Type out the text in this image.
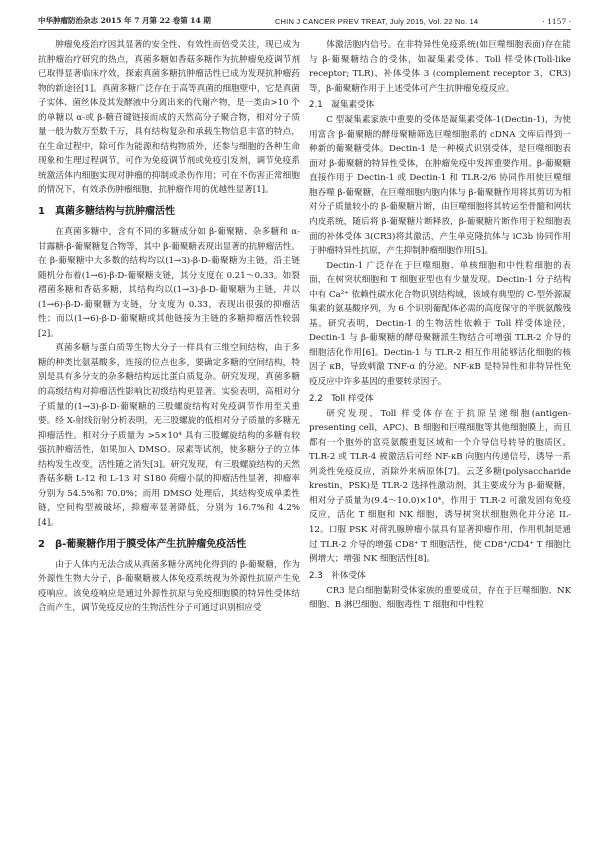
中华肿瘤防治杂志 2015 年 7 月第 22 卷第 14 期	CHIN J CANCER PREV TREAT, July 2015, Vol. 22 No. 14	· 1157 ·

肿瘤免疫治疗因其显著的安全性、有效性而倍受关注，现已成为抗肿瘤治疗研究的热点，真菌多糖如香菇多糖作为抗肿瘤免疫调节剂已取得显著临床疗效，探索真菌多糖抗肿瘤活性已成为发现抗肿瘤药物的新途径[1]。真菌多糖广泛存在于高等真菌的细胞壁中，它是真菌子实体、菌丝体及其发酵液中分离出来的代谢产物，是一类由>10 个的单糖以 α-或 β-糖苷键链接而成的天然高分子聚合物，相对分子质量一般为数万至数千万，具有结构复杂和承载生物信息丰富的特点，在生命过程中，除可作为能源和结构物质外，还参与细胞的各种生命现象和生理过程调节，可作为免疫调节剂或免疫引发剂，调节免疫系统激活体内细胞实现对肿瘤的抑制或杀伤作用；可在不伤害正常细胞的情况下，有效杀伤肿瘤细胞，抗肿瘤作用的优越性显著[1]。

1　真菌多糖结构与抗肿瘤活性

在真菌多糖中，含有不同的多糖成分如 β-葡聚糖、杂多糖和 α-甘露糖-β-葡聚糖复合物等，其中 β-葡聚糖表现出显著的抗肿瘤活性。在 β-葡聚糖中大多数的结构均以(1→3)-β-D-葡聚糖为主链，沿主链随机分布着(1→6)-β-D-葡聚糖支链，其分支度在 0.21～0.33。如裂褶菌多糖和香菇多糖，其结构均以(1→3)-β-D-葡聚糖为主链，并以(1→6)-β-D-葡聚糖为支链，分支度为 0.33，表现出很强的抑瘤活性；而以(1→6)-β-D-葡聚糖或其他链接为主链的多糖抑瘤活性较弱[2]。

真菌多糖与蛋白质等生物大分子一样具有三维空间结构，由于多糖的种类比氨基酸多，连接的位点也多，要确定多糖的空间结构，特别是具有多分支的杂多糖结构远比蛋白质复杂。研究发现，真菌多糖的高级结构对抑瘤活性影响比初级结构更显著。实验表明，高相对分子质量的(1→3)-β-D-葡聚糖的三股螺旋结构对免疫调节作用至关重要。经 X-射线衍射分析表明，无三股螺旋的低相对分子质量的多糖无抑瘤活性。相对分子质量为 >5×10⁴ 具有三股螺旋结构的多糖有较强抗肿瘤活性，如果加入 DMSO、尿素等试剂，使多糖分子的立体结构发生改变，活性随之消失[3]。研究发现，有三股螺旋结构的天然香菇多糖 L-12 和 L-13 对 S180 荷瘤小鼠的抑瘤活性显著，抑瘤率分别为 54.5%和 70.0%；而用 DMSO 处理后，其结构变成单柔性链，空间构型被破坏，抑瘤率显著降低，分别为 16.7%和 4.2%[4]。

2　β-葡聚糖作用于膜受体产生抗肿瘤免疫活性

由于人体内无法合成从真菌多糖分离纯化得到的 β-葡聚糖，作为外源性生物大分子，β-葡聚糖被人体免疫系统视为外源性抗原产生免疫响应。该免疫响应是通过外源性抗原与免疫细胞膜的特异性受体结合而产生，调节免疫反应的生物活性分子可通过识别相应受

体激活胞内信号。在非特异性免疫系统(如巨噬细胞表面)存在能与 β-葡聚糖结合的受体，如凝集素受体、Toll 样受体(Toll-like receptor; TLR)、补体受体 3 (complement receptor 3，CR3)等，β-葡聚糖作用于上述受体可产生抗肿瘤免疫反应。

2.1　凝集素受体

C 型凝集素家族中重要的受体是凝集素受体-1(Dectin-1)，为使用富含 β-葡聚糖的酵母聚糖筛选巨噬细胞系的 cDNA 文库后得到一种新的葡聚糖受体。Dectin-1 是一种模式识别受体，是巨噬细胞表面对 β-葡聚糖的特异性受体，在肿瘤免疫中发挥重要作用。β-葡聚糖直接作用于 Dectin-1 或 Dectin-1 和 TLR-2/6 协同作用使巨噬细胞吞噬 β-葡聚糖，在巨噬细胞内胞内体与 β-葡聚糖作用将其剪切为相对分子质量较小的 β-葡聚糖片断，由巨噬细胞将其转运至骨髓和网状内皮系统，随后将 β-葡聚糖片断释放，β-葡聚糖片断作用于粒细胞表面的补体受体 3(CR3)将其激活，产生单克隆抗体与 iC3b 协同作用于肿瘤特异性抗原，产生抑制肿瘤细胞作用[5]。

Dectin-1 广泛存在于巨噬细胞、单核细胞和中性粒细胞的表面，在树突状细胞和 T 细胞亚型也有少量发现。Dectin-1 分子结构中有 Ca²⁺ 依赖性碳水化合物识别结构域，该域有典型的 C-型外源凝集素的氨基酸序列，为 6 个识别葡配体必需的高度保守的半胱氨酸残基。研究表明，Dectin-1 的生物活性依赖于 Toll 样受体途径，Dectin-1 与 β-葡聚糖的酵母聚糖派生物结合可增强 TLR-2 介导的细胞活化作用[6]。Dectin-1 与 TLR-2 相互作用能够活化细胞的核因子 κB，导致刺激 TNF-α 的分泌。NF-κB 是特异性和非特异性免疫反应中许多基因的重要转录因子。

2.2　Toll 样受体

研究发现，Toll 样受体存在于抗原呈递细胞(antigen-presenting cell，APC)、B 细胞和巨噬细胞等其他细胞膜上，而且都有一个胞外的富亮氨酸重复区域和一个介导信号转导的胞质区。TLR-2 或 TLR-4 被激活后可经 NF-κB 向胞内传递信号，诱导一系列炎性免疫反应，消除外来病原体[7]。云芝多糖(polysaccharide krestin，PSK)是 TLR-2 选择性激动剂，其主要成分为 β-葡聚糖，相对分子质量为(9.4～10.0)×10⁴，作用于 TLR-2 可激发固有免疫反应，活化 T 细胞和 NK 细胞，诱导树突状细胞熟化并分泌 IL-12。口服 PSK 对荷乳腺肿瘤小鼠具有显著抑瘤作用，作用机制是通过 TLR-2 介导的增强 CD8⁺ T 细胞活性，使 CD8⁺/CD4⁺ T 细胞比例增大；增强 NK 细胞活性[8]。

2.3　补体受体

CR3 是白细胞黏附受体家族的重要成员，存在于巨噬细胞、NK 细胞、B 淋巴细胞、细胞毒性 T 细胞和中性粒
